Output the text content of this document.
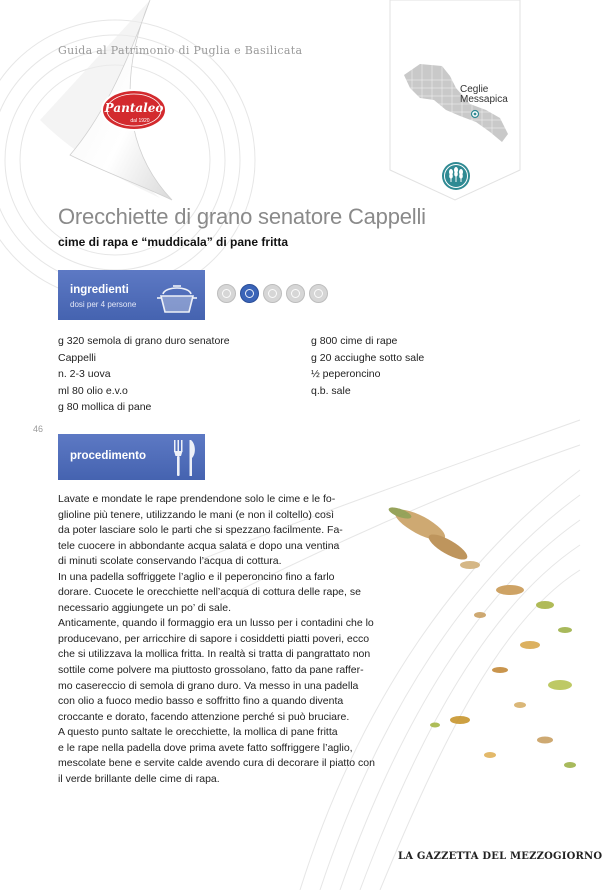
Guida al Patrimonio di Puglia e Basilicata
Pantaleo
dal 1920
Ceglie
Messapica
Orecchiette di grano senatore Cappelli
cime di rapa e “muddicala” di pane fritta
ingredienti
dosi per 4 persone
g 320 semola di grano duro senatore
Cappelli
n. 2-3 uova
ml 80 olio e.v.o
g 80 mollica di pane
g 800 cime di rape
g 20 acciughe sotto sale
½ peperoncino
q.b. sale
46
procedimento
Lavate e mondate le rape prendendone solo le cime e le fo-
glioline più tenere, utilizzando le mani (e non il coltello) così
da poter lasciare solo le parti che si spezzano facilmente. Fa-
tele cuocere in abbondante acqua salata e dopo una ventina
di minuti scolate conservando l’acqua di cottura.
In una padella soffriggete l’aglio e il peperoncino fino a farlo
dorare. Cuocete le orecchiette nell’acqua di cottura delle rape, se
necessario aggiungete un po’ di sale.
Anticamente, quando il formaggio era un lusso per i contadini che lo
producevano, per arricchire di sapore i cosiddetti piatti poveri, ecco
che si utilizzava la mollica fritta. In realtà si tratta di pangrattato non
sottile come polvere ma piuttosto grossolano, fatto da pane raffer-
mo casereccio di semola di grano duro. Va messo in una padella
con olio a fuoco medio basso e soffritto fino a quando diventa
croccante e dorato, facendo attenzione perché si può bruciare.
A questo punto saltate le orecchiette, la mollica di pane fritta
e le rape nella padella dove prima avete fatto soffriggere l’aglio,
mescolate bene e servite calde avendo cura di decorare il piatto con
il verde brillante delle cime di rapa.
LA GAZZETTA DEL MEZZOGIORNO
